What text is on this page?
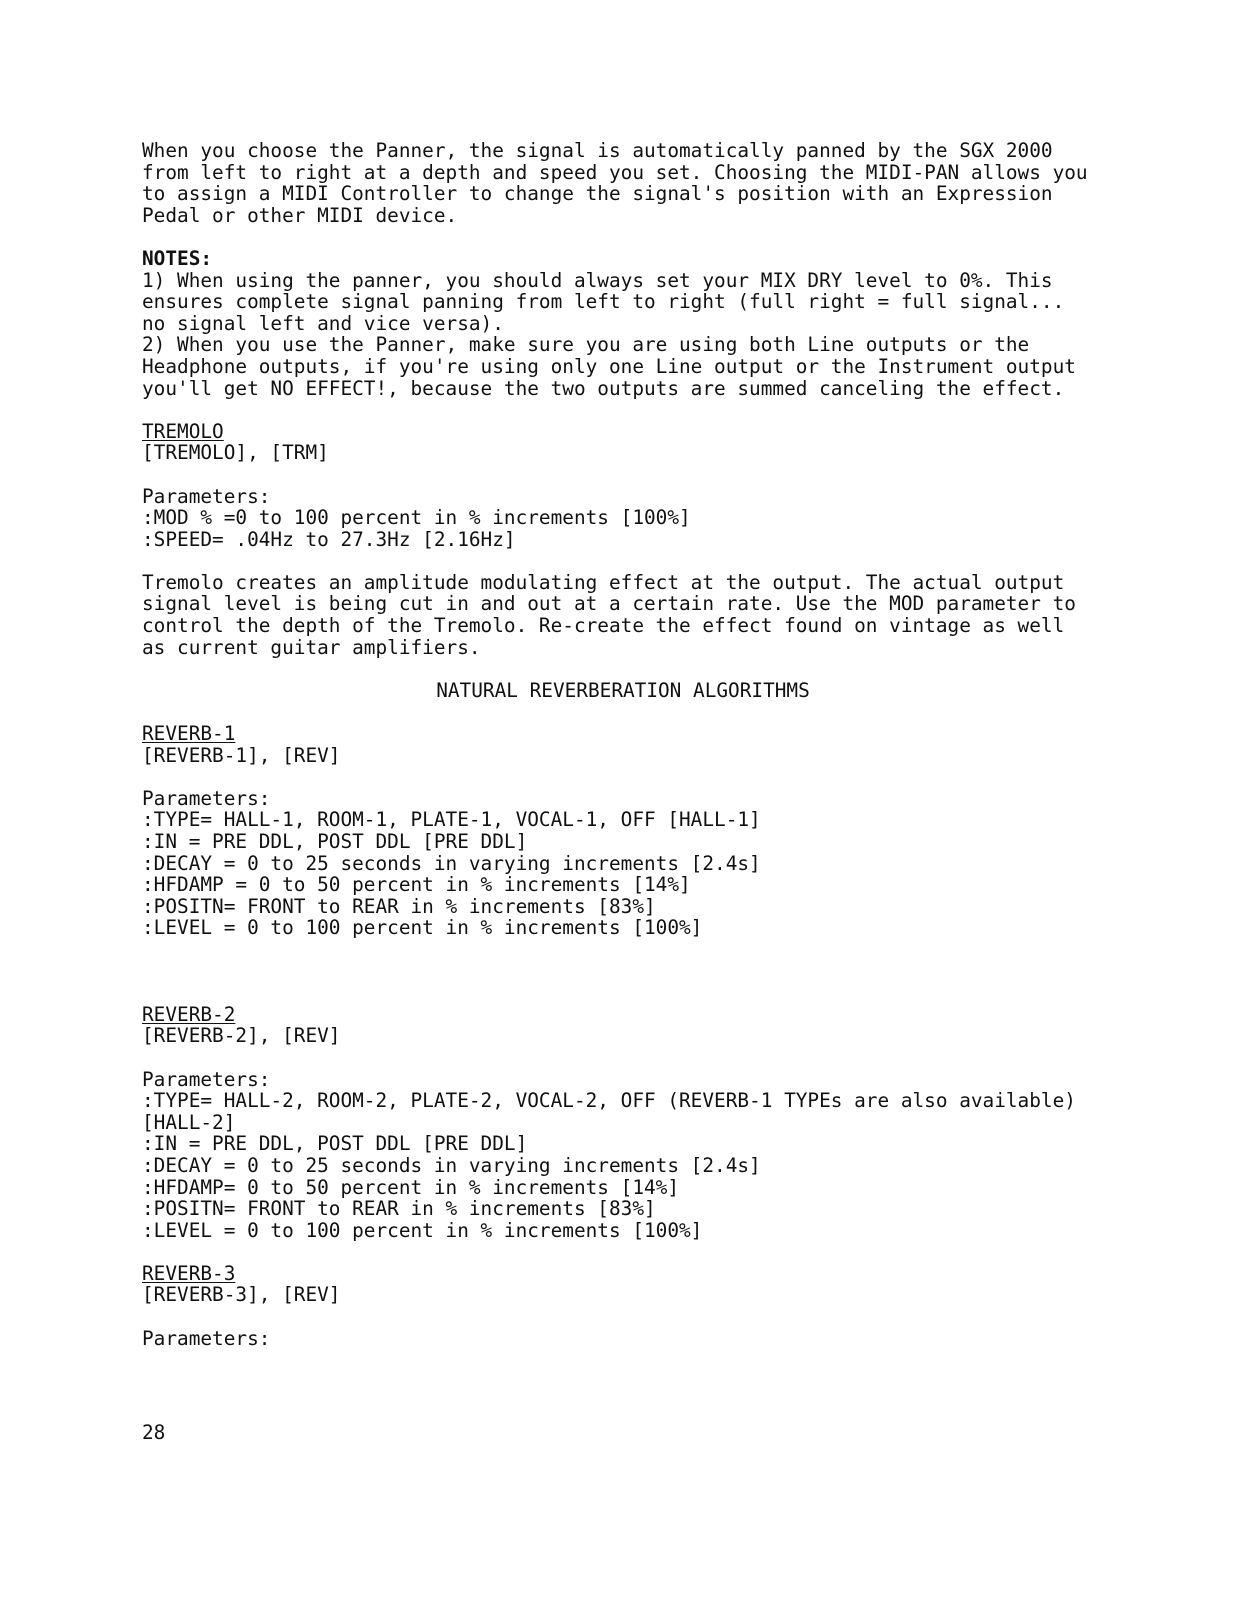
When you choose the Panner, the signal is automatically panned by the SGX 2000
from left to right at a depth and speed you set. Choosing the MIDI-PAN allows you
to assign a MIDI Controller to change the signal's position with an Expression
Pedal or other MIDI device.
NOTES:
1) When using the panner, you should always set your MIX DRY level to 0%. This
ensures complete signal panning from left to right (full right = full signal...
no signal left and vice versa).
2) When you use the Panner, make sure you are using both Line outputs or the
Headphone outputs, if you're using only one Line output or the Instrument output
you'll get NO EFFECT!, because the two outputs are summed canceling the effect.
TREMOLO
[TREMOLO], [TRM]
Parameters:
:MOD % =0 to 100 percent in % increments [100%]
:SPEED= .04Hz to 27.3Hz [2.16Hz]
Tremolo creates an amplitude modulating effect at the output. The actual output
signal level is being cut in and out at a certain rate. Use the MOD parameter to
control the depth of the Tremolo. Re-create the effect found on vintage as well
as current guitar amplifiers.
NATURAL REVERBERATION ALGORITHMS
REVERB-1
[REVERB-1], [REV]
Parameters:
:TYPE= HALL-1, ROOM-1, PLATE-1, VOCAL-1, OFF [HALL-1]
:IN = PRE DDL, POST DDL [PRE DDL]
:DECAY = 0 to 25 seconds in varying increments [2.4s]
:HFDAMP = 0 to 50 percent in % increments [14%]
:POSITN= FRONT to REAR in % increments [83%]
:LEVEL = 0 to 100 percent in % increments [100%]
REVERB-2
[REVERB-2], [REV]
Parameters:
:TYPE= HALL-2, ROOM-2, PLATE-2, VOCAL-2, OFF (REVERB-1 TYPEs are also available)
[HALL-2]
:IN = PRE DDL, POST DDL [PRE DDL]
:DECAY = 0 to 25 seconds in varying increments [2.4s]
:HFDAMP= 0 to 50 percent in % increments [14%]
:POSITN= FRONT to REAR in % increments [83%]
:LEVEL = 0 to 100 percent in % increments [100%]
REVERB-3
[REVERB-3], [REV]
Parameters:
28
